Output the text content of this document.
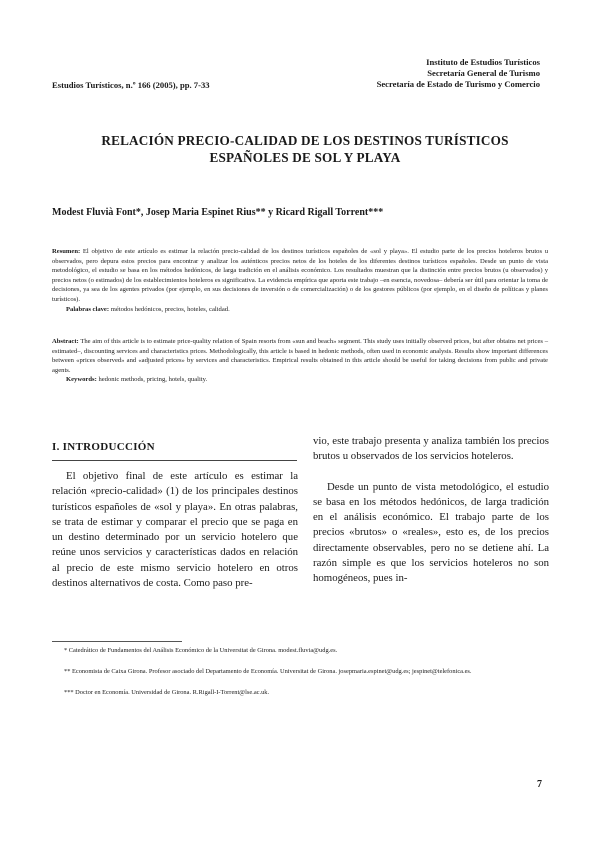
Instituto de Estudios Turísticos
Secretaría General de Turismo
Secretaría de Estado de Turismo y Comercio
Estudios Turísticos, n.º 166 (2005), pp. 7-33
RELACIÓN PRECIO-CALIDAD DE LOS DESTINOS TURÍSTICOS
ESPAÑOLES DE SOL Y PLAYA
Modest Fluvià Font*, Josep Maria Espinet Rius** y Ricard Rigall Torrent***

Resumen: El objetivo de este artículo es estimar la relación precio-calidad de los destinos turísticos españoles de «sol y playa». El estudio parte de los precios hoteleros brutos u observados, pero depura estos precios para encontrar y analizar los auténticos precios netos de los hoteles de los diferentes destinos turísticos españoles. Desde un punto de vista metodológico, el estudio se basa en los métodos hedónicos, de larga tradición en el análisis económico. Los resultados muestran que la distinción entre precios brutos (u observados) y precios netos (o estimados) de los establecimientos hoteleros es significativa. La evidencia empírica que aporta este trabajo –en esencia, novedosa– debería ser útil para orientar la toma de decisiones, ya sea de los agentes privados (por ejemplo, en sus decisiones de inversión o de comercialización) o de los gestores públicos (por ejemplo, en el diseño de políticas y planes turísticos).

Palabras clave: métodos hedónicos, precios, hoteles, calidad.

Abstract: The aim of this article is to estimate price-quality relation of Spain resorts from «sun and beach» segment. This study uses initially observed prices, but after obtains net prices –estimated–, discounting services and characteristics prices. Methodologically, this article is based in hedonic methods, often used in economic analysis. Results show important differences between «prices observed» and «adjusted prices» by services and characteristics. Empirical results obtained in this article should be useful for taking decisions from public and private agents.

Keywords: hedonic methods, pricing, hotels, quality.

I. INTRODUCCIÓN

El objetivo final de este artículo es estimar la relación «precio-calidad» (1) de los principales destinos turísticos españoles de «sol y playa». En otras palabras, se trata de estimar y comparar el precio que se paga en un destino determinado por un servicio hotelero que reúne unos servicios y características dados en relación al precio de este mismo servicio hotelero en otros destinos alternativos de costa. Como paso pre-

vio, este trabajo presenta y analiza también los precios brutos u observados de los servicios hoteleros.

Desde un punto de vista metodológico, el estudio se basa en los métodos hedónicos, de larga tradición en el análisis económico. El trabajo parte de los precios «brutos» o «reales», esto es, de los precios directamente observables, pero no se detiene ahí. La razón simple es que los servicios hoteleros no son homogéneos, pues in-

* Catedrático de Fundamentos del Análisis Económico de la Universitat de Girona. modest.fluvia@udg.es.

** Economista de Caixa Girona. Profesor asociado del Departamento de Economía. Universitat de Girona. josepmaria.espinet@udg.es; jespinet@telefonica.es.

*** Doctor en Economía. Universidad de Girona. R.Rigall-I-Torrent@lse.ac.uk.

7
